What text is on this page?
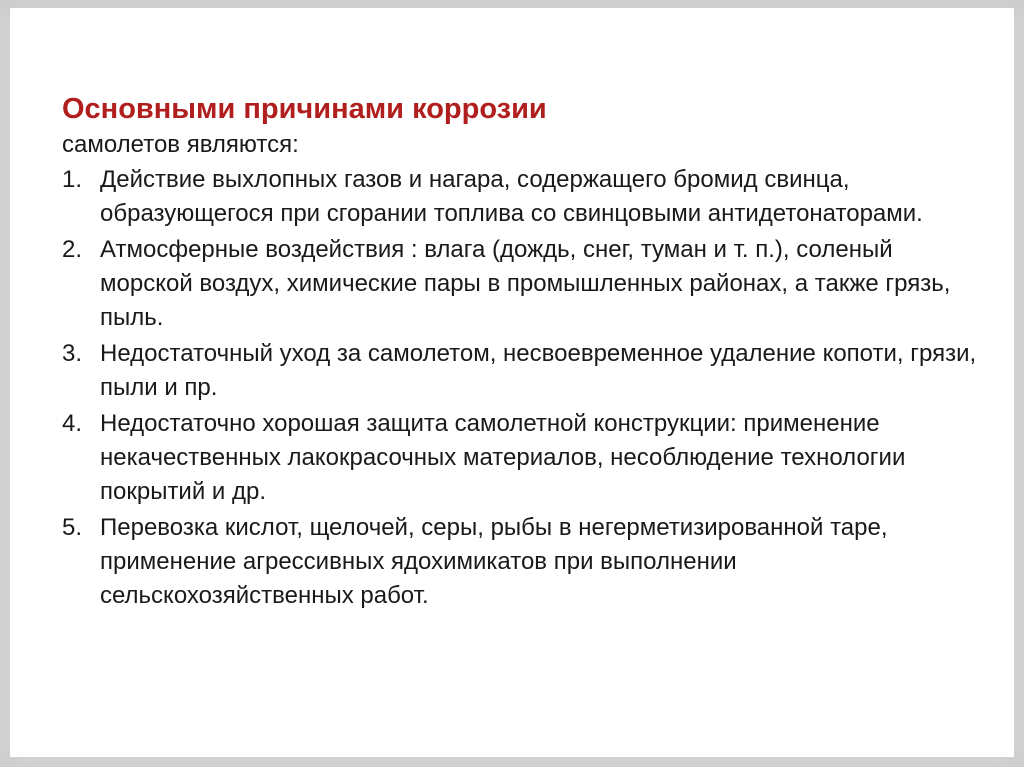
Основными причинами коррозии

самолетов являются:

1. Действие выхлопных газов и нагара, содержащего бромид свинца, образующегося при сгорании топлива со свинцовыми антидетонаторами.
2. Атмосферные воздействия : влага (дождь, снег, туман и т. п.), соленый морской воздух, химические пары в промышленных районах, а также грязь, пыль.
3. Недостаточный уход за самолетом, несвоевременное удаление копоти, грязи, пыли и пр.
4. Недостаточно хорошая защита самолетной конструкции: применение некачественных лакокрасочных материалов, несоблюдение технологии покрытий и др.
5. Перевозка кислот, щелочей, серы, рыбы в негерметизированной таре, применение агрессивных ядохимикатов при выполнении сельскохозяйственных работ.
